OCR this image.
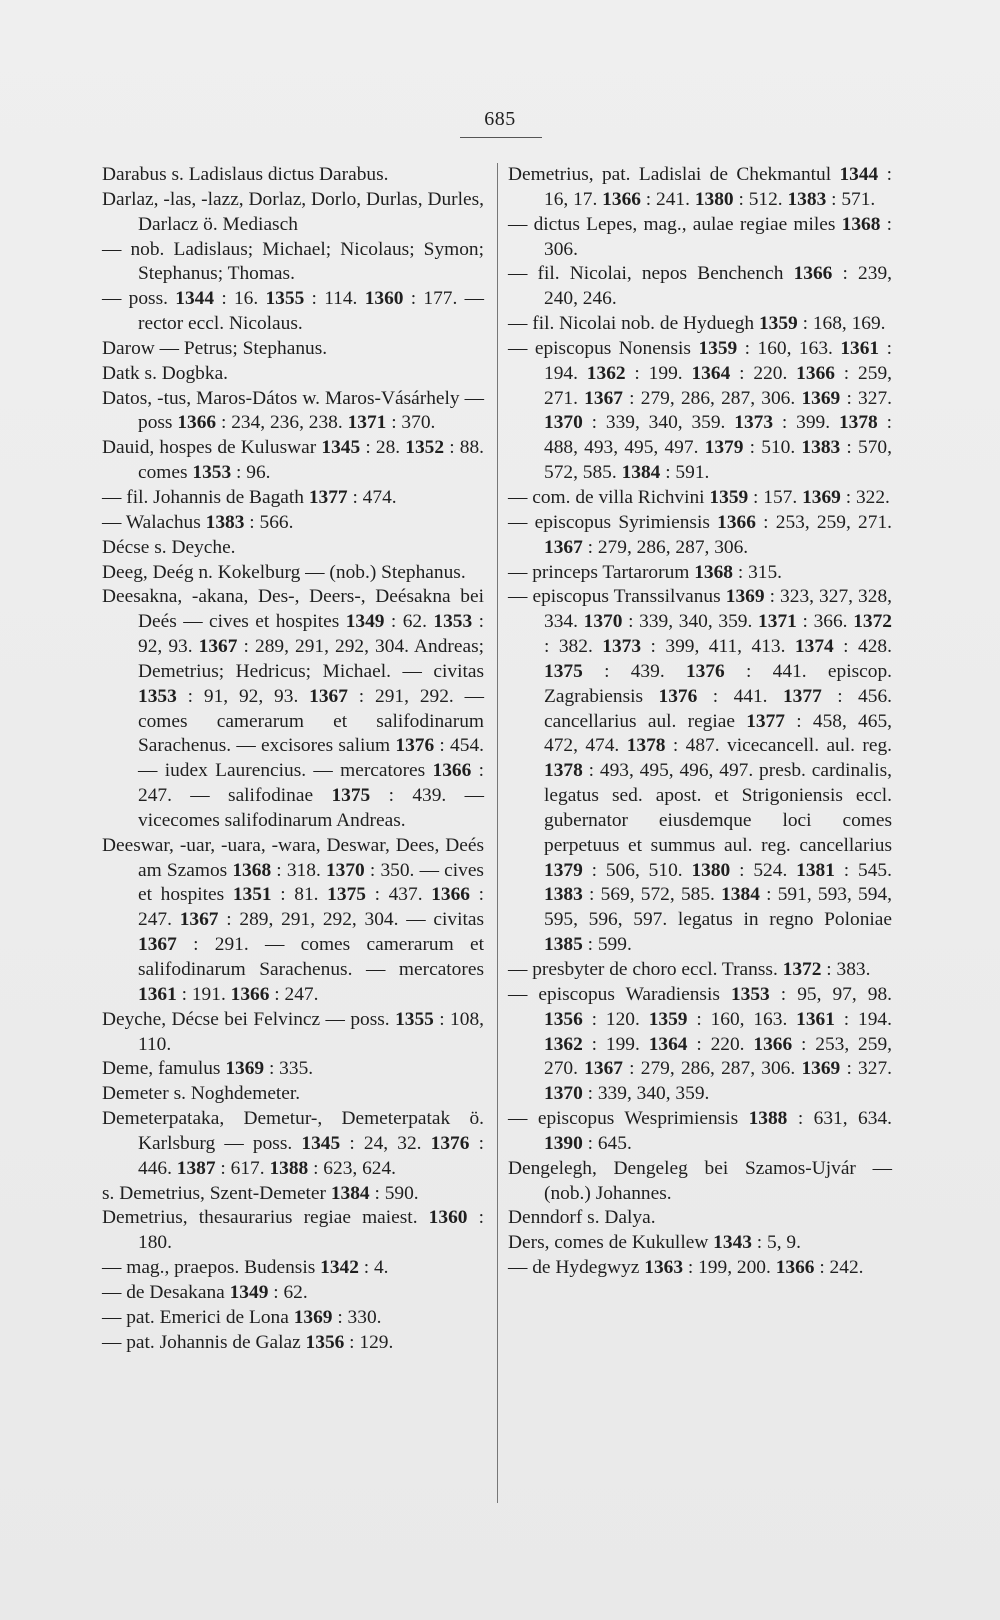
685
Darabus s. Ladislaus dictus Darabus.
Darlaz, -las, -lazz, Dorlaz, Dorlo, Durlas, Durles, Darlacz ö. Mediasch
— nob. Ladislaus; Michael; Nicolaus; Symon; Stephanus; Thomas.
— poss. 1344 : 16. 1355 : 114. 1360 : 177. — rector eccl. Nicolaus.
Darow — Petrus; Stephanus.
Datk s. Dogbka.
Datos, -tus, Maros-Dátos w. Maros-Vásárhely — poss 1366 : 234, 236, 238. 1371 : 370.
Dauid, hospes de Kuluswar 1345 : 28. 1352 : 88. comes 1353 : 96.
— fil. Johannis de Bagath 1377 : 474.
— Walachus 1383 : 566.
Décse s. Deyche.
Deeg, Deég n. Kokelburg — (nob.) Stephanus.
Deesakna, -akana, Des-, Deers-, Deésakna bei Deés — cives et hospites 1349 : 62. 1353 : 92, 93. 1367 : 289, 291, 292, 304. Andreas; Demetrius; Hedricus; Michael. — civitas 1353 : 91, 92, 93. 1367 : 291, 292. — comes camerarum et salifodinarum Sarachenus. — excisores salium 1376 : 454. — iudex Laurencius. — mercatores 1366 : 247. — salifodinae 1375 : 439. — vicecomes salifodinarum Andreas.
Deeswar, -uar, -uara, -wara, Deswar, Dees, Deés am Szamos 1368 : 318. 1370 : 350. — cives et hospites 1351 : 81. 1375 : 437. 1366 : 247. 1367 : 289, 291, 292, 304. — civitas 1367 : 291. — comes camerarum et salifodinarum Sarachenus. — mercatores 1361 : 191. 1366 : 247.
Deyche, Décse bei Felvincz — poss. 1355 : 108, 110.
Deme, famulus 1369 : 335.
Demeter s. Noghdemeter.
Demeterpataka, Demetur-, Demeterpatak ö. Karlsburg — poss. 1345 : 24, 32. 1376 : 446. 1387 : 617. 1388 : 623, 624.
s. Demetrius, Szent-Demeter 1384 : 590.
Demetrius, thesaurarius regiae maiest. 1360 : 180.
— mag., praepos. Budensis 1342 : 4.
— de Desakana 1349 : 62.
— pat. Emerici de Lona 1369 : 330.
— pat. Johannis de Galaz 1356 : 129.
Demetrius, pat. Ladislai de Chekmantul 1344 : 16, 17. 1366 : 241. 1380 : 512. 1383 : 571.
— dictus Lepes, mag., aulae regiae miles 1368 : 306.
— fil. Nicolai, nepos Benchench 1366 : 239, 240, 246.
— fil. Nicolai nob. de Hyduegh 1359 : 168, 169.
— episcopus Nonensis 1359 : 160, 163. 1361 : 194. 1362 : 199. 1364 : 220. 1366 : 259, 271. 1367 : 279, 286, 287, 306. 1369 : 327. 1370 : 339, 340, 359. 1373 : 399. 1378 : 488, 493, 495, 497. 1379 : 510. 1383 : 570, 572, 585. 1384 : 591.
— com. de villa Richvini 1359 : 157. 1369 : 322.
— episcopus Syrimiensis 1366 : 253, 259, 271. 1367 : 279, 286, 287, 306.
— princeps Tartarorum 1368 : 315.
— episcopus Transsilvanus 1369 : 323, 327, 328, 334. 1370 : 339, 340, 359. 1371 : 366. 1372 : 382. 1373 : 399, 411, 413. 1374 : 428. 1375 : 439. 1376 : 441. episcop. Zagrabiensis 1376 : 441. 1377 : 456. cancellarius aul. regiae 1377 : 458, 465, 472, 474. 1378 : 487. vicecancell. aul. reg. 1378 : 493, 495, 496, 497. presb. cardinalis, legatus sed. apost. et Strigoniensis eccl. gubernator eiusdemque loci comes perpetuus et summus aul. reg. cancellarius 1379 : 506, 510. 1380 : 524. 1381 : 545. 1383 : 569, 572, 585. 1384 : 591, 593, 594, 595, 596, 597. legatus in regno Poloniae 1385 : 599.
— presbyter de choro eccl. Transs. 1372 : 383.
— episcopus Waradiensis 1353 : 95, 97, 98. 1356 : 120. 1359 : 160, 163. 1361 : 194. 1362 : 199. 1364 : 220. 1366 : 253, 259, 270. 1367 : 279, 286, 287, 306. 1369 : 327. 1370 : 339, 340, 359.
— episcopus Wesprimiensis 1388 : 631, 634. 1390 : 645.
Dengelegh, Dengeleg bei Szamos-Ujvár — (nob.) Johannes.
Denndorf s. Dalya.
Ders, comes de Kukullew 1343 : 5, 9.
— de Hydegwyz 1363 : 199, 200. 1366 : 242.
